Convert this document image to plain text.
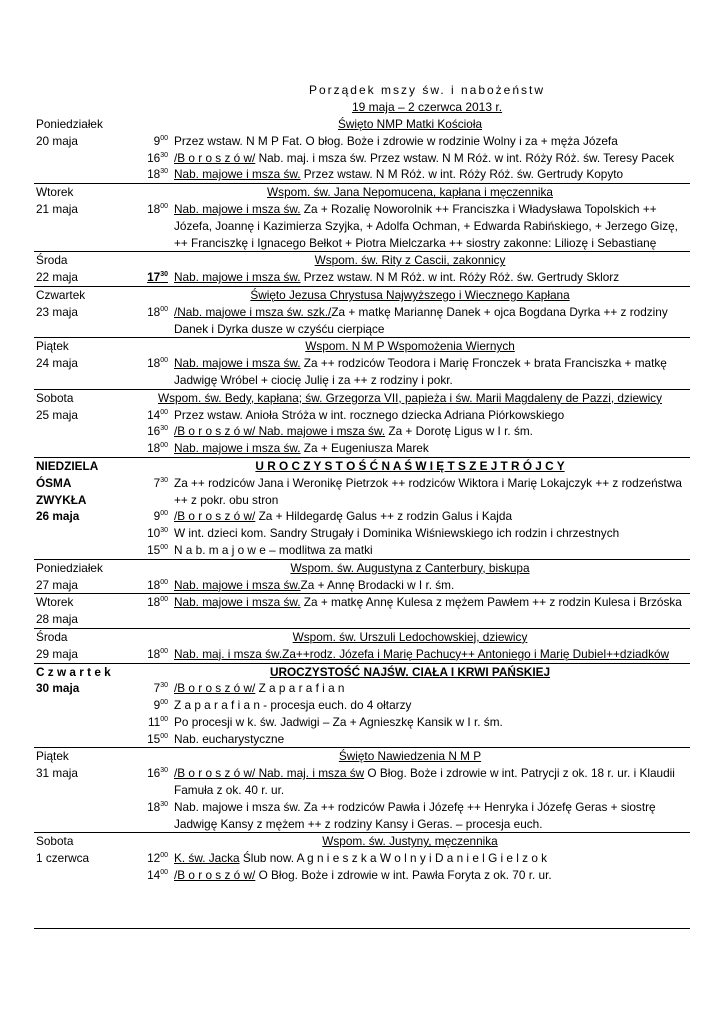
Porządek mszy św. i nabożeństw
19 maja – 2 czerwca 2013 r.
Poniedziałek
20 maja
Święto NMP Matki Kościoła
$9^{00}$ Przez wstaw. N M P Fat. O błog. Boże i zdrowie w rodzinie Wolny i za + męża Józefa
$16^{30}$ /B o r o s z ó w/ Nab. maj. i msza św. Przez wstaw. N M Róż. w int. Róży Róż. św. Teresy Pacek
$18^{30}$ Nab. majowe i msza św. Przez wstaw. N M Róż. w int. Róży Róż. św. Gertrudy Kopyto
Wtorek
21 maja
Wspom. św. Jana Nepomucena, kapłana i męczennika
$18^{00}$ Nab. majowe i msza św. Za + Rozalię Noworolnik ++ Franciszka i Władysława Topolskich ++ Józefa, Joannę i Kazimierza Szyjka, + Adolfa Ochman, + Edwarda Rabińskiego, + Jerzego Gizę, ++ Franciszkę i Ignacego Bełkot + Piotra Mielczarka ++ siostry zakonne: Liliozę i Sebastianę
Środa
22 maja
Wspom. św. Rity z Cascii, zakonnicy
$17^{30}$ Nab. majowe i msza św. Przez wstaw. N M Róż. w int. Róży Róż. św. Gertrudy Sklorz
Czwartek
23 maja
Święto Jezusa Chrystusa Najwyższego i Wiecznego Kapłana
$18^{00}$ /Nab. majowe i msza św. szk./Za + matkę Mariannę Danek + ojca Bogdana Dyrka ++ z rodziny Danek i Dyrka dusze w czyśću cierpiące
Piątek
24 maja
Wspom. N M P Wspomożenia Wiernych
$18^{00}$ Nab. majowe i msza św. Za ++ rodziców Teodora i Marię Fronczek + brata Franciszka + matkę Jadwigę Wróbel + ciocię Julię i za ++ z rodziny i pokr.
Sobota
25 maja
Wspom. św. Bedy, kapłana; św. Grzegorza VII, papieża i św. Marii Magdaleny de Pazzi, dziewicy
$14^{00}$ Przez wstaw. Anioła Stróża w int. rocznego dziecka Adriana Piórkowskiego
$16^{30}$ /B o r o s z ó w/ Nab. majowe i msza św. Za + Dorotę Ligus w I r. śm.
$18^{00}$ Nab. majowe i msza św. Za + Eugeniusza Marek
NIEDZIELA
ÓSMA
ZWYKŁA
26 maja
U R O C Z Y S T O Ś Ć N A Ś W I Ę T S Z E J T R Ó J C Y
$7^{30}$ Za ++ rodziców Jana i Weronikę Pietrzok ++ rodziców Wiktora i Marię Lokajczyk ++ z rodzeństwa ++ z pokr. obu stron
$9^{00}$ /B o r o s z ó w/ Za + Hildegardę Galus ++ z rodzin Galus i Kajda
$10^{30}$ W int. dzieci kom. Sandry Strugały i Dominika Wiśniewskiego ich rodzin i chrzestnych
$15^{00}$ N a b. m a j o w e – modlitwa za matki
Poniedziałek
27 maja
Wspom. św. Augustyna z Canterbury, biskupa
$18^{00}$ Nab. majowe i msza św.Za + Annę Brodacki w I r. śm.
Wtorek
28 maja
$18^{00}$ Nab. majowe i msza św. Za + matkę Annę Kulesa z mężem Pawłem ++ z rodzin Kulesa i Brzóska
Środa
29 maja
Wspom. św. Urszuli Ledochowskiej, dziewicy
$18^{00}$ Nab. maj. i msza św.Za++rodz. Józefa i Marię Pachucy++ Antoniego i Marię Dubiel++dziadków
C z w a r t e k
30 maja
UROCZYSTOŚĆ NAJŚW. CIAŁA I KRWI PAŃSKIEJ
$7^{30}$ /B o r o s z ó w/ Z a p a r a f i a n
$9^{00}$ Z a p a r a f i a n - procesja euch. do 4 ołtarzy
$11^{00}$ Po procesji w k. św. Jadwigi – Za + Agnieszkę Kansik w I r. śm.
$15^{00}$ Nab. eucharystyczne
Piątek
31 maja
Święto Nawiedzenia N M P
$16^{30}$ /B o r o s z ó w/ Nab. maj. i msza św O Błog. Boże i zdrowie w int. Patrycji z ok. 18 r. ur. i Klaudii Famuła z ok. 40 r. ur.
$18^{30}$ Nab. majowe i msza św. Za ++ rodziców Pawła i Józefę ++ Henryka i Józefę Geras + siostrę Jadwigę Kansy z mężem ++ z rodziny Kansy i Geras. – procesja euch.
Sobota
1 czerwca
Wspom. św. Justyny, męczennika
$12^{00}$ K. św. Jacka Ślub now. A g n i e s z k a W o l n y i D a n i e l G i e l z o k
$14^{00}$ /B o r o s z ó w/ O Błog. Boże i zdrowie w int. Pawła Foryta z ok. 70 r. ur.
